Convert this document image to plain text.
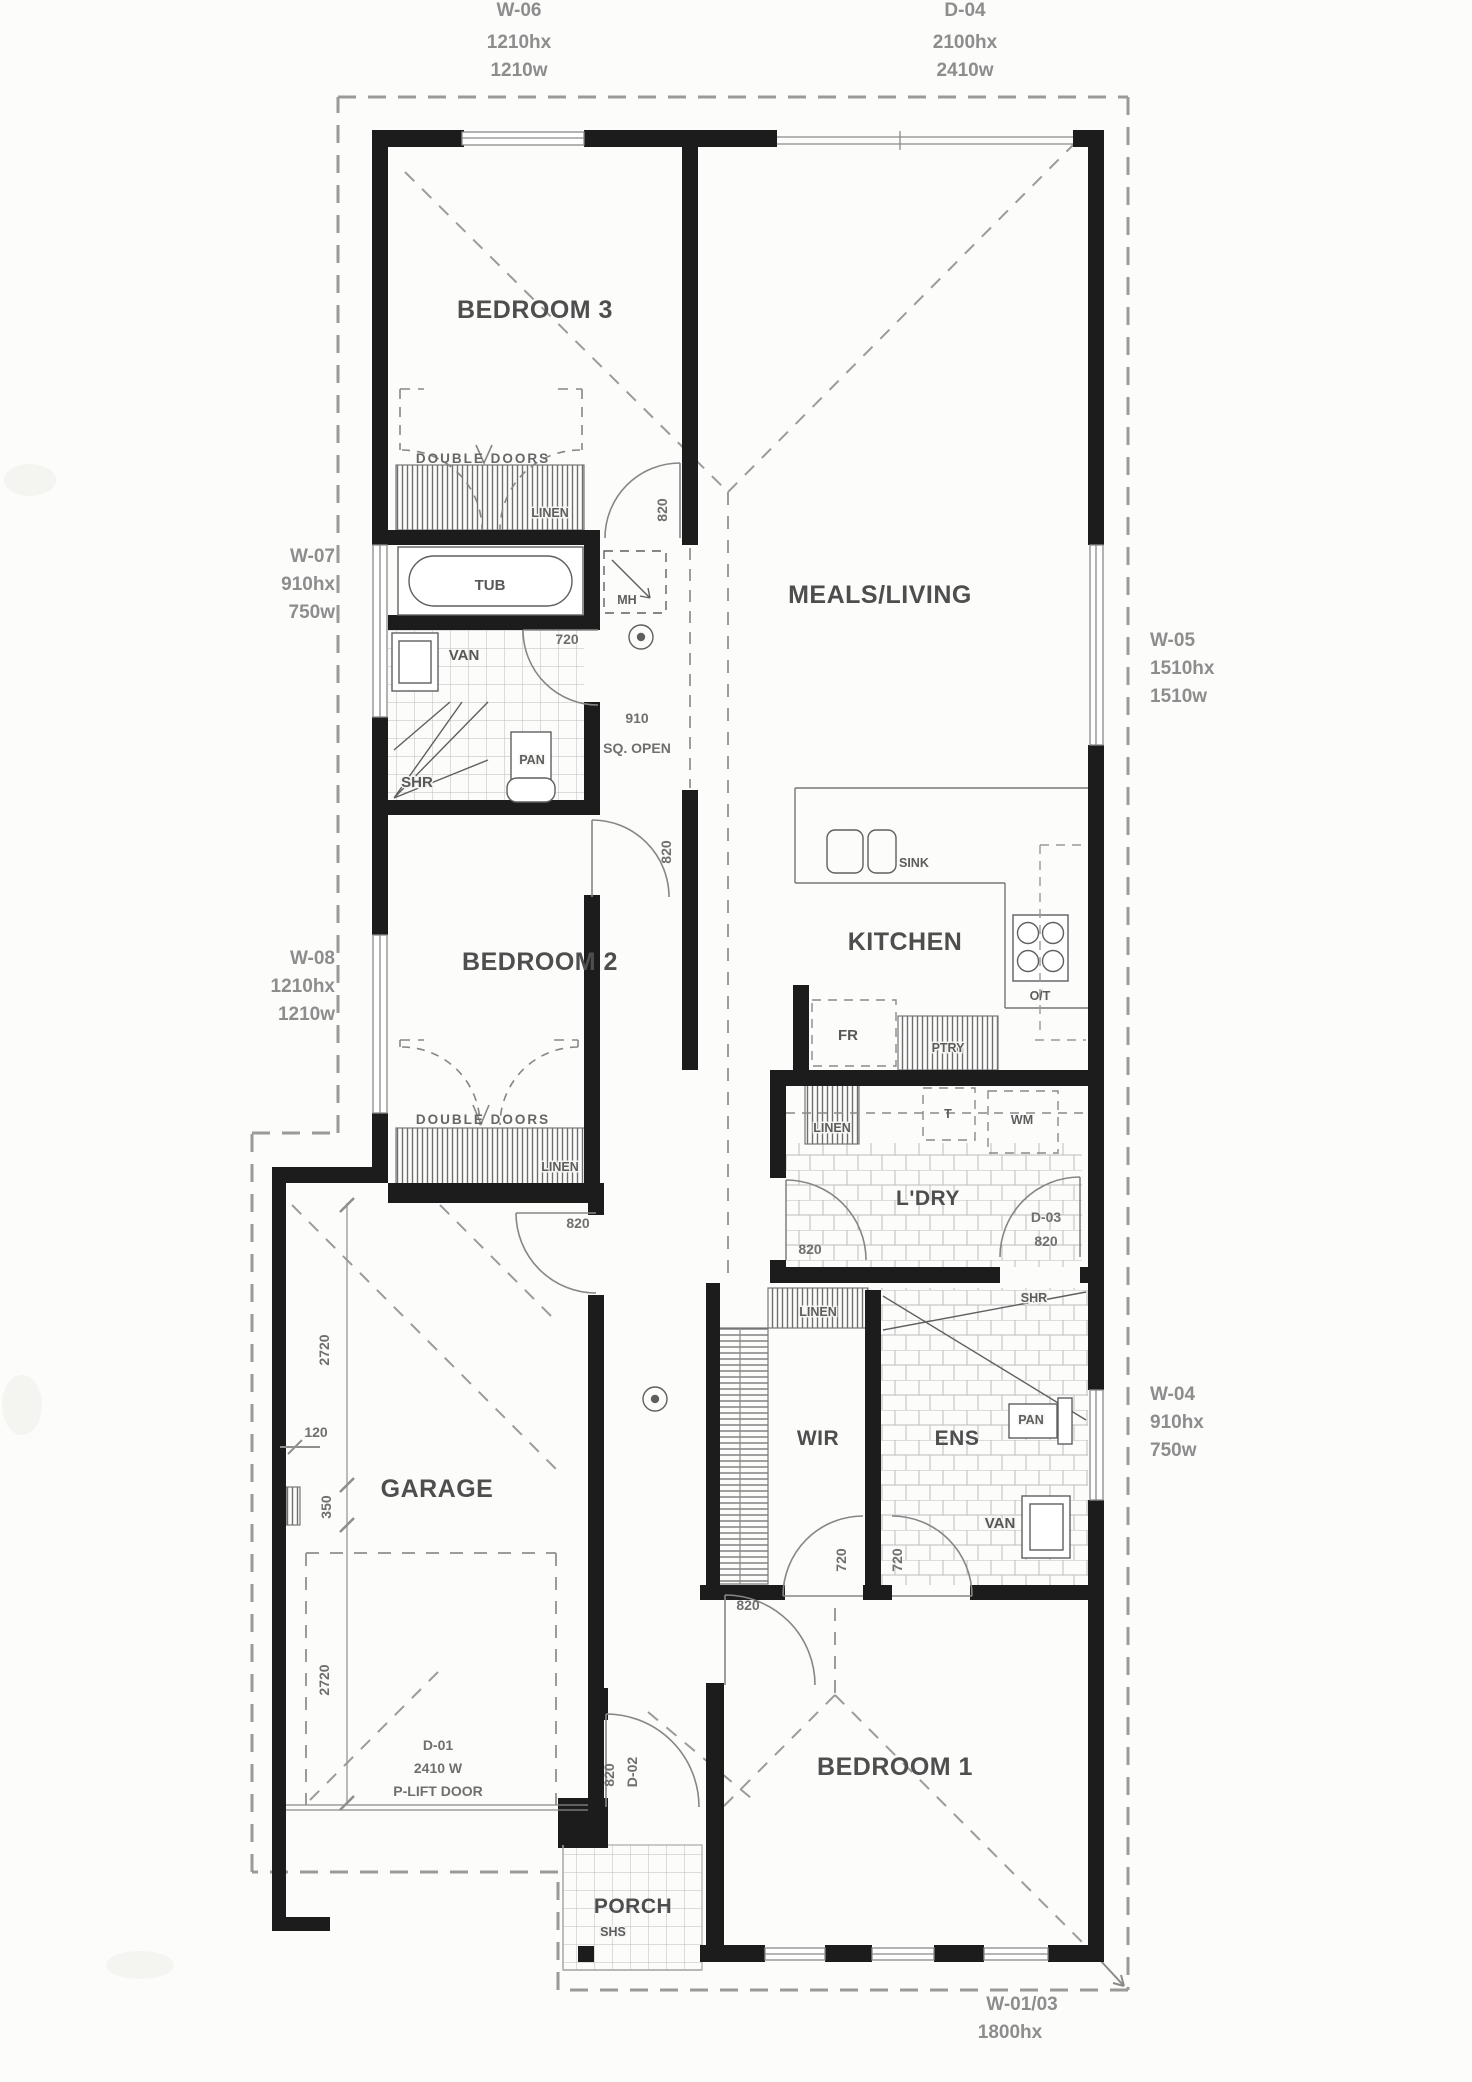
BEDROOM 3
MEALS/LIVING
KITCHEN
BEDROOM 2
BEDROOM 1
GARAGE
WIR	ENS
L'DRY
PORCH
910
SQ. OPEN
TUB
VAN
SHR
PAN
MH
SINK
O/T
FR
PTRY
T	WM
LINEN
LINEN
LINEN
LINEN
DOUBLE DOORS
DOUBLE DOORS
SHS
VAN
PAN
SHR
W-06
1210hx
1210w
D-04
2100hx
2410w
W-07
910hx
750w
W-05
1510hx
1510w
W-08
1210hx
1210w
W-04
910hx
750w
W-01/03
1800hx
D-01
2410 W
P-LIFT DOOR
720
820
820
820
820
D-03
820
720	720
820
820 D-02
2720
120
350
2720
